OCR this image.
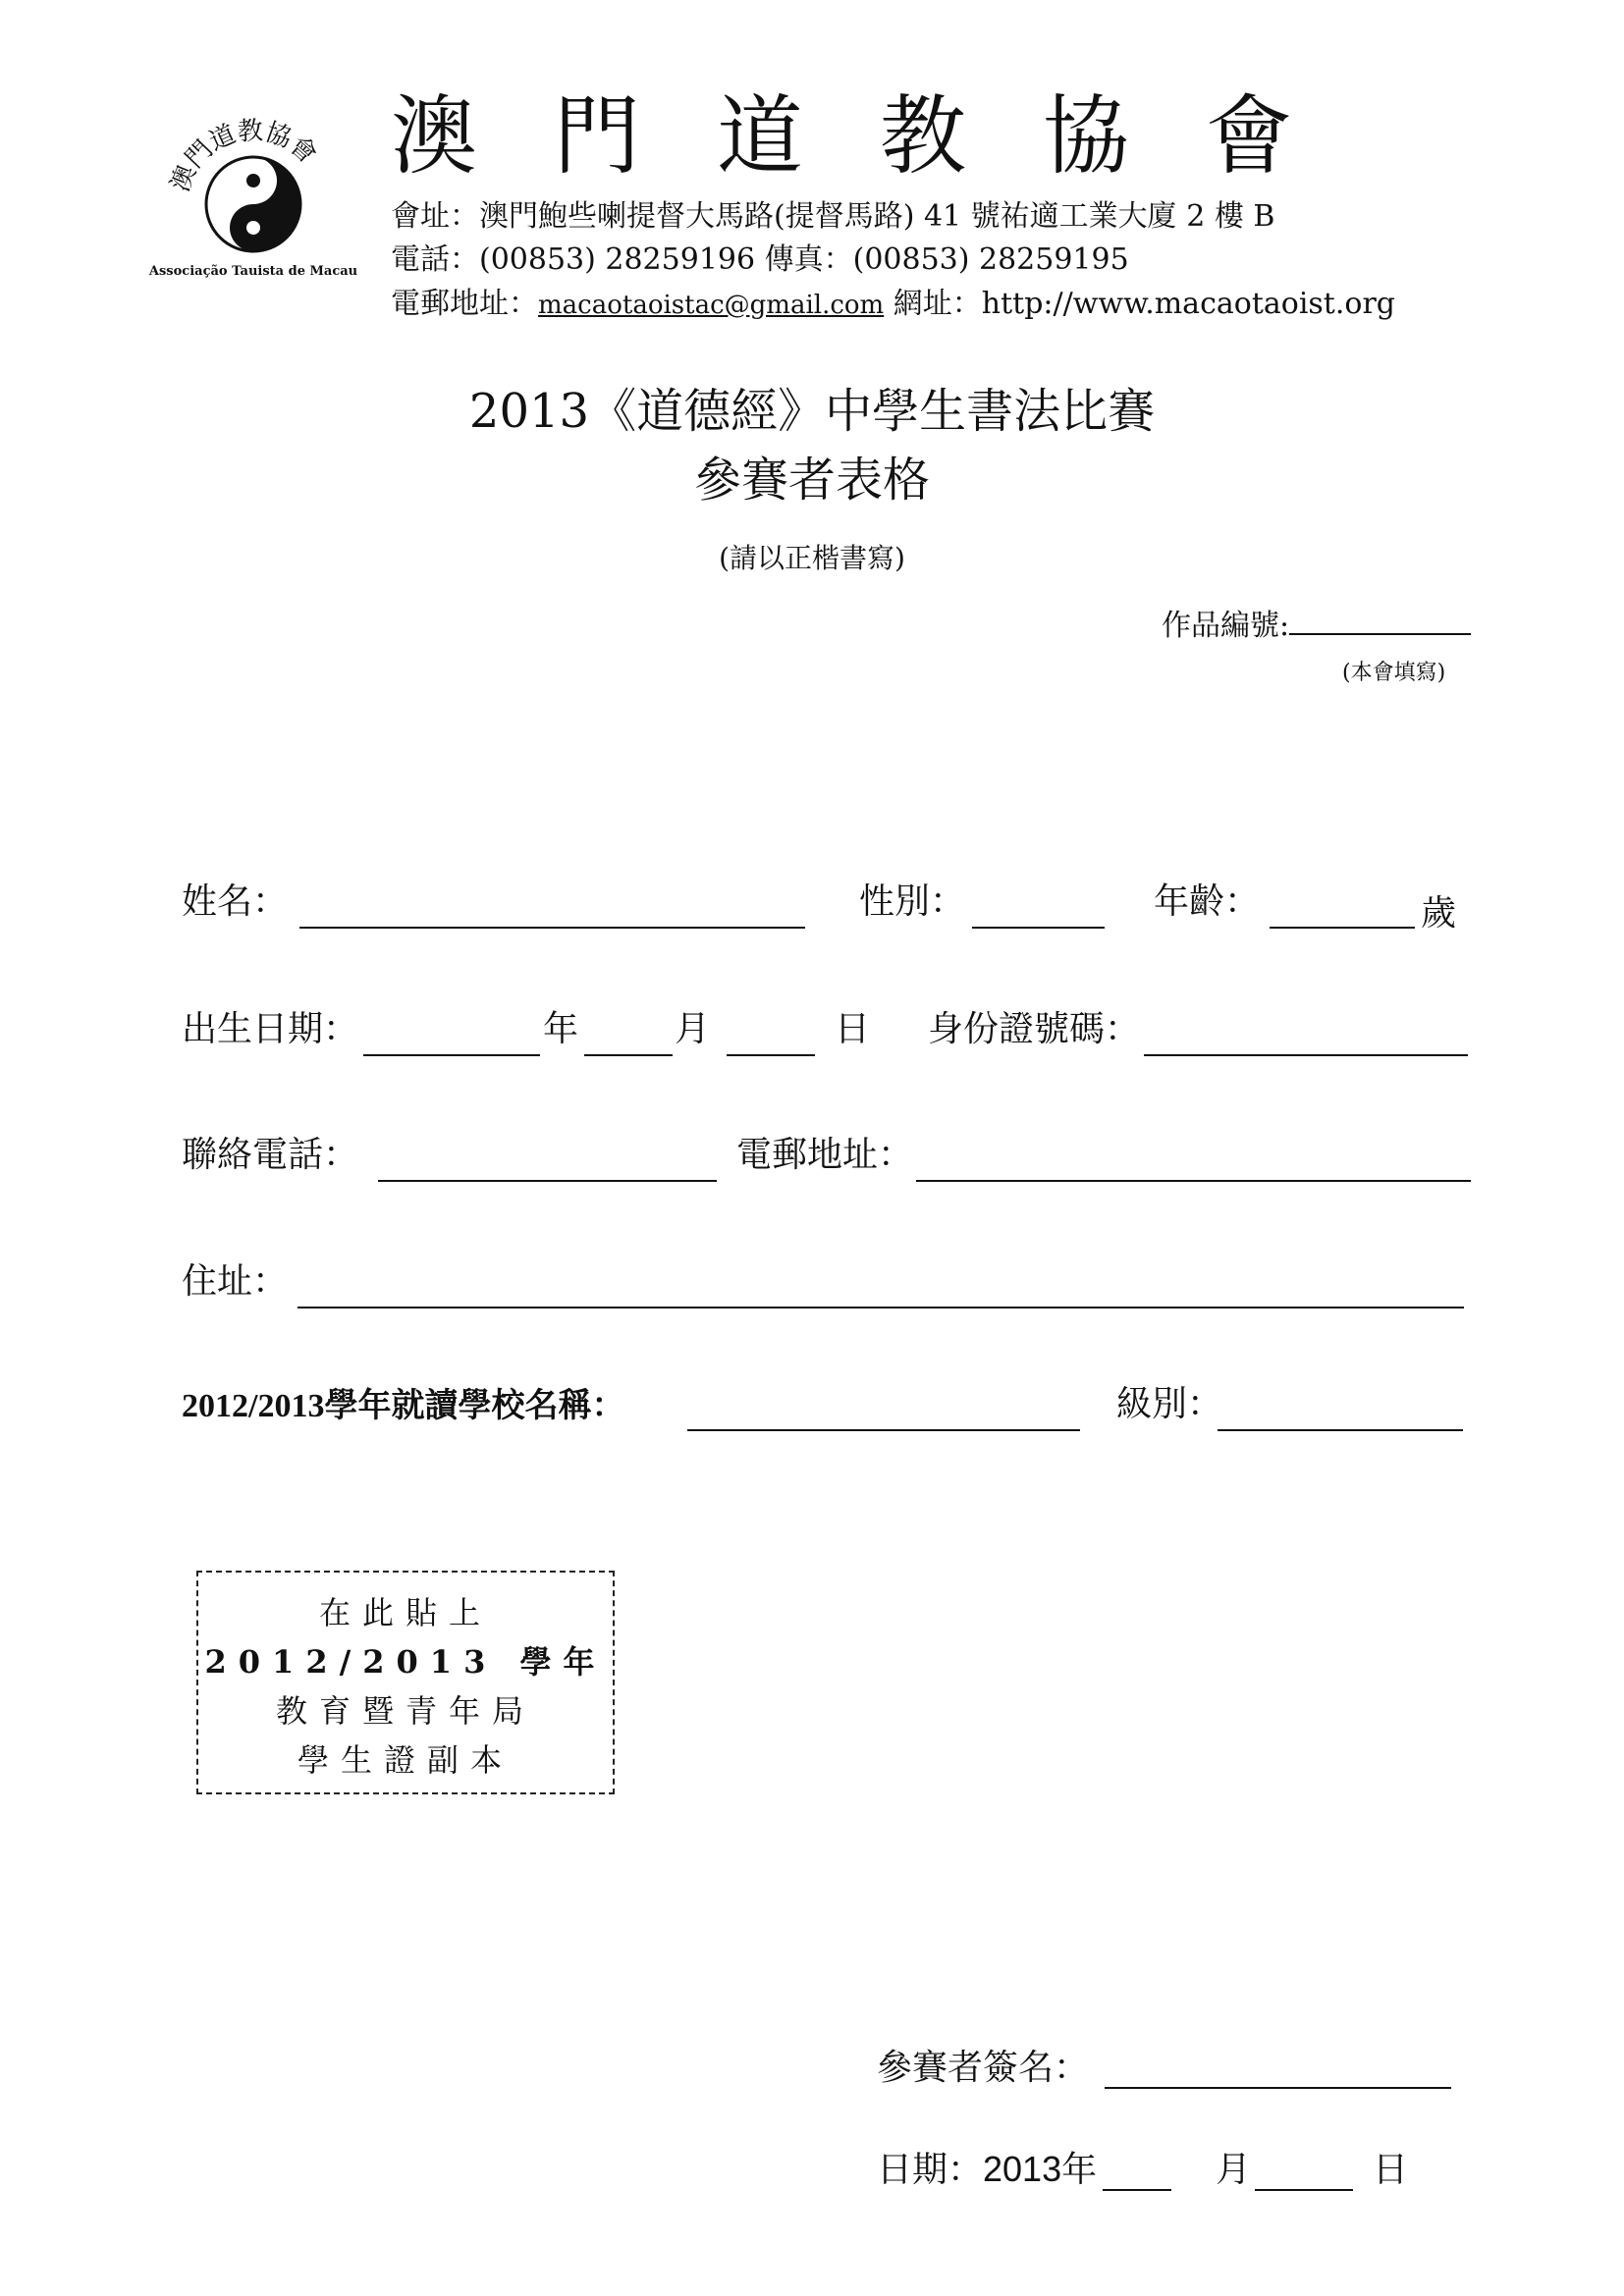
澳門道教協會
Associação Tauista de Macau
澳門道教協會
會址：澳門鮑些喇提督大馬路(提督馬路) 41 號祐適工業大廈 2 樓 B
電話：(00853) 28259196 傳真：(00853) 28259195
電郵地址：macaotaoistac@gmail.com 網址：http://www.macaotaoist.org
2013《道德經》中學生書法比賽
參賽者表格
(請以正楷書寫)
作品編號:
(本會填寫)
姓名：	性別：	年齡：	歲
出生日期：	年	月	日 身份證號碼：
聯絡電話：	電郵地址：
住址：
2012/2013學年就讀學校名稱：	級別：
在此貼上
2012/2013 學年
教育暨青年局
學生證副本
參賽者簽名：
日期：2013年	月	日
